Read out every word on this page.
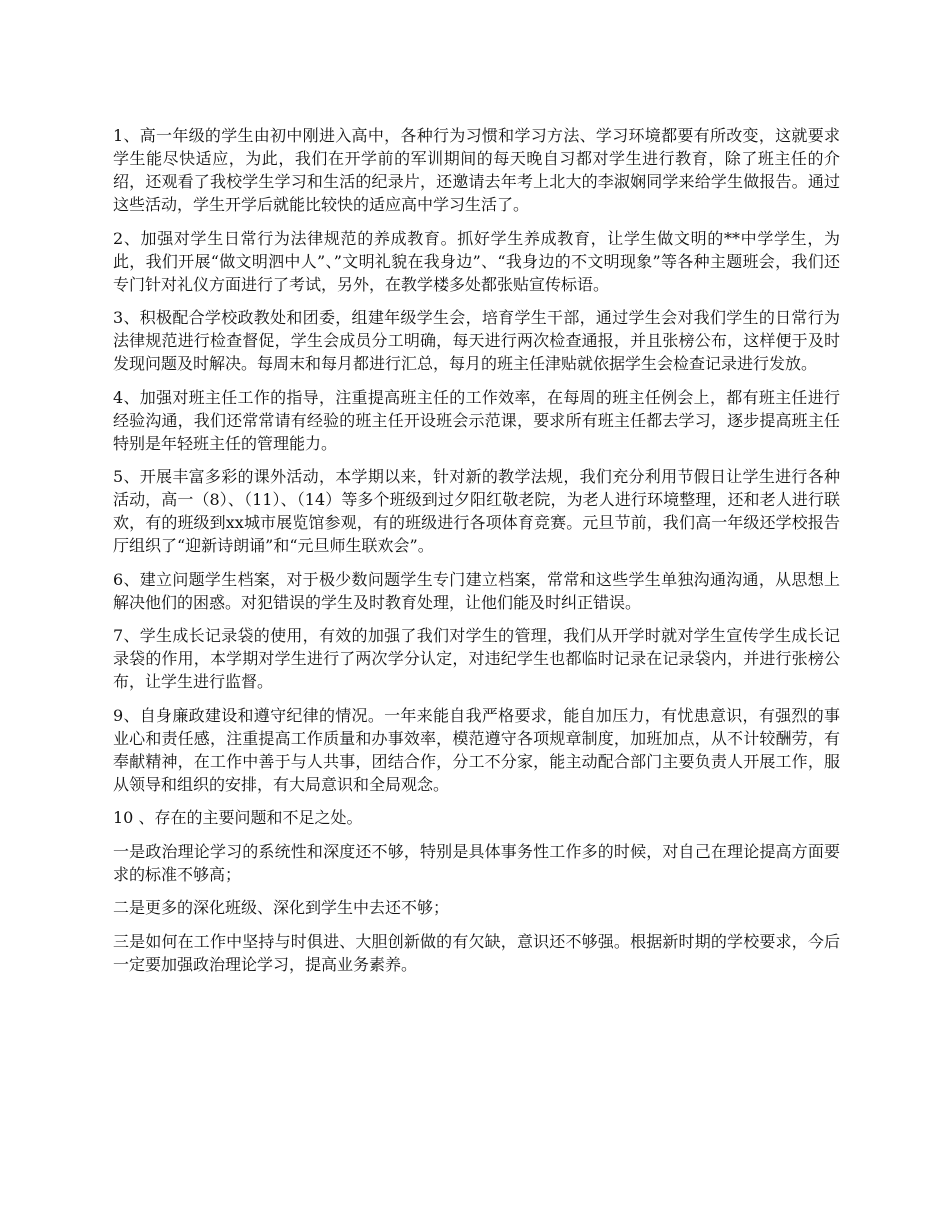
1、高一年级的学生由初中刚进入高中，各种行为习惯和学习方法、学习环境都要有所改变，这就要求学生能尽快适应，为此，我们在开学前的军训期间的每天晚自习都对学生进行教育，除了班主任的介绍，还观看了我校学生学习和生活的纪录片，还邀请去年考上北大的李淑娴同学来给学生做报告。通过这些活动，学生开学后就能比较快的适应高中学习生活了。

2、加强对学生日常行为法律规范的养成教育。抓好学生养成教育，让学生做文明的**中学学生，为此，我们开展“做文明泗中人”、”文明礼貌在我身边”、“我身边的不文明现象”等各种主题班会，我们还专门针对礼仪方面进行了考试，另外，在教学楼多处都张贴宣传标语。

3、积极配合学校政教处和团委，组建年级学生会，培育学生干部，通过学生会对我们学生的日常行为法律规范进行检查督促，学生会成员分工明确，每天进行两次检查通报，并且张榜公布，这样便于及时发现问题及时解决。每周末和每月都进行汇总，每月的班主任津贴就依据学生会检查记录进行发放。

4、加强对班主任工作的指导，注重提高班主任的工作效率，在每周的班主任例会上，都有班主任进行经验沟通，我们还常常请有经验的班主任开设班会示范课，要求所有班主任都去学习，逐步提高班主任特别是年轻班主任的管理能力。

5、开展丰富多彩的课外活动，本学期以来，针对新的教学法规，我们充分利用节假日让学生进行各种活动，高一（8）、（11）、（14）等多个班级到过夕阳红敬老院，为老人进行环境整理，还和老人进行联欢，有的班级到xx城市展览馆参观，有的班级进行各项体育竞赛。元旦节前，我们高一年级还学校报告厅组织了“迎新诗朗诵”和“元旦师生联欢会”。

6、建立问题学生档案，对于极少数问题学生专门建立档案，常常和这些学生单独沟通沟通，从思想上解决他们的困惑。对犯错误的学生及时教育处理，让他们能及时纠正错误。

7、学生成长记录袋的使用，有效的加强了我们对学生的管理，我们从开学时就对学生宣传学生成长记录袋的作用，本学期对学生进行了两次学分认定，对违纪学生也都临时记录在记录袋内，并进行张榜公布，让学生进行监督。

9、自身廉政建设和遵守纪律的情况。一年来能自我严格要求，能自加压力，有忧患意识，有强烈的事业心和责任感，注重提高工作质量和办事效率，模范遵守各项规章制度，加班加点，从不计较酬劳，有奉献精神，在工作中善于与人共事，团结合作，分工不分家，能主动配合部门主要负责人开展工作，服从领导和组织的安排，有大局意识和全局观念。

10 、存在的主要问题和不足之处。

一是政治理论学习的系统性和深度还不够，特别是具体事务性工作多的时候，对自己在理论提高方面要求的标准不够高；

二是更多的深化班级、深化到学生中去还不够；

三是如何在工作中坚持与时俱进、大胆创新做的有欠缺，意识还不够强。根据新时期的学校要求，今后一定要加强政治理论学习，提高业务素养。
